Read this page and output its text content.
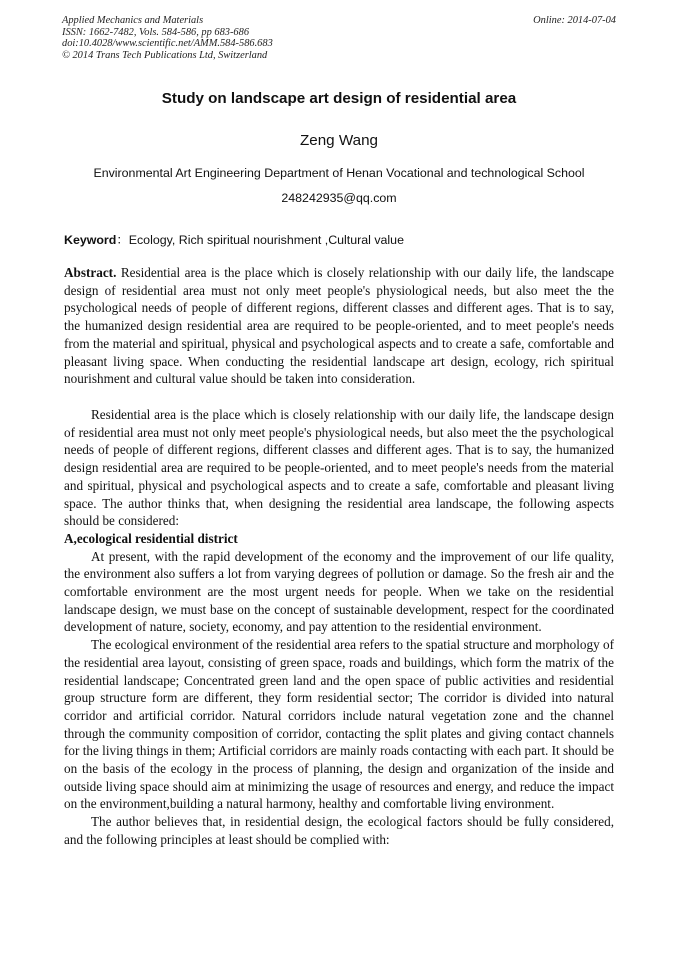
Applied Mechanics and Materials
ISSN: 1662-7482, Vols. 584-586, pp 683-686
doi:10.4028/www.scientific.net/AMM.584-586.683
© 2014 Trans Tech Publications Ltd, Switzerland
Online: 2014-07-04
Study on landscape art design of residential area
Zeng Wang
Environmental Art Engineering Department of Henan Vocational and technological School
248242935@qq.com
Keyword：Ecology, Rich spiritual nourishment ,Cultural value

Abstract. Residential area is the place which is closely relationship with our daily life, the landscape design of residential area must not only meet people's physiological needs, but also meet the the psychological needs of people of different regions, different classes and different ages. That is to say, the humanized design residential area are required to be people-oriented, and to meet people's needs from the material and spiritual, physical and psychological aspects and to create a safe, comfortable and pleasant living space. When conducting the residential landscape art design, ecology, rich spiritual nourishment and cultural value should be taken into consideration.

Residential area is the place which is closely relationship with our daily life, the landscape design of residential area must not only meet people's physiological needs, but also meet the the psychological needs of people of different regions, different classes and different ages. That is to say, the humanized design residential area are required to be people-oriented, and to meet people's needs from the material and spiritual, physical and psychological aspects and to create a safe, comfortable and pleasant living space. The author thinks that, when designing the residential area landscape, the following aspects should be considered:

A,ecological residential district

At present, with the rapid development of the economy and the improvement of our life quality, the environment also suffers a lot from varying degrees of pollution or damage. So the fresh air and the comfortable environment are the most urgent needs for people. When we take on the residential landscape design, we must base on the concept of sustainable development, respect for the coordinated development of nature, society, economy, and pay attention to the residential environment.

The ecological environment of the residential area refers to the spatial structure and morphology of the residential area layout, consisting of green space, roads and buildings, which form the matrix of the residential landscape; Concentrated green land and the open space of public activities and residential group structure form are different, they form residential sector; The corridor is divided into natural corridor and artificial corridor. Natural corridors include natural vegetation zone and the channel through the community composition of corridor, contacting the split plates and giving contact channels for the living things in them; Artificial corridors are mainly roads contacting with each part. It should be on the basis of the ecology in the process of planning, the design and organization of the inside and outside living space should aim at minimizing the usage of resources and energy, and reduce the impact on the environment,building a natural harmony, healthy and comfortable living environment.

The author believes that, in residential design, the ecological factors should be fully considered, and the following principles at least should be complied with:
